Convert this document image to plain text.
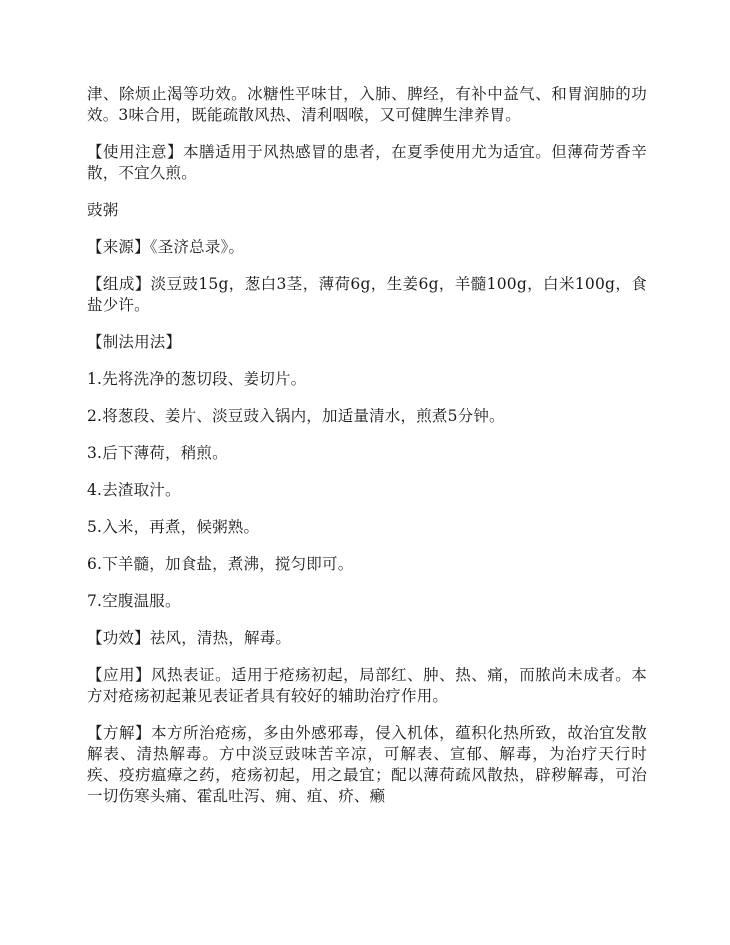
津、除烦止渴等功效。冰糖性平味甘，入肺、脾经，有补中益气、和胃润肺的功效。3味合用，既能疏散风热、清利咽喉，又可健脾生津养胃。

【使用注意】本膳适用于风热感冒的患者，在夏季使用尤为适宜。但薄荷芳香辛散，不宜久煎。

豉粥

【来源】《圣济总录》。

【组成】淡豆豉15g，葱白3茎，薄荷6g，生姜6g，羊髓100g，白米100g，食盐少许。

【制法用法】

1.先将洗净的葱切段、姜切片。

2.将葱段、姜片、淡豆豉入锅内，加适量清水，煎煮5分钟。

3.后下薄荷，稍煎。

4.去渣取汁。

5.入米，再煮，候粥熟。

6.下羊髓，加食盐，煮沸，搅匀即可。

7.空腹温服。

【功效】祛风，清热，解毒。

【应用】风热表证。适用于疮疡初起，局部红、肿、热、痛，而脓尚未成者。本方对疮疡初起兼见表证者具有较好的辅助治疗作用。

【方解】本方所治疮疡，多由外感邪毒，侵入机体，蕴积化热所致，故治宜发散解表、清热解毒。方中淡豆豉味苦辛凉，可解表、宣郁、解毒，为治疗天行时疾、疫疠瘟瘴之药，疮疡初起，用之最宜；配以薄荷疏风散热，辟秽解毒，可治一切伤寒头痛、霍乱吐泻、痈、疽、疥、癞
